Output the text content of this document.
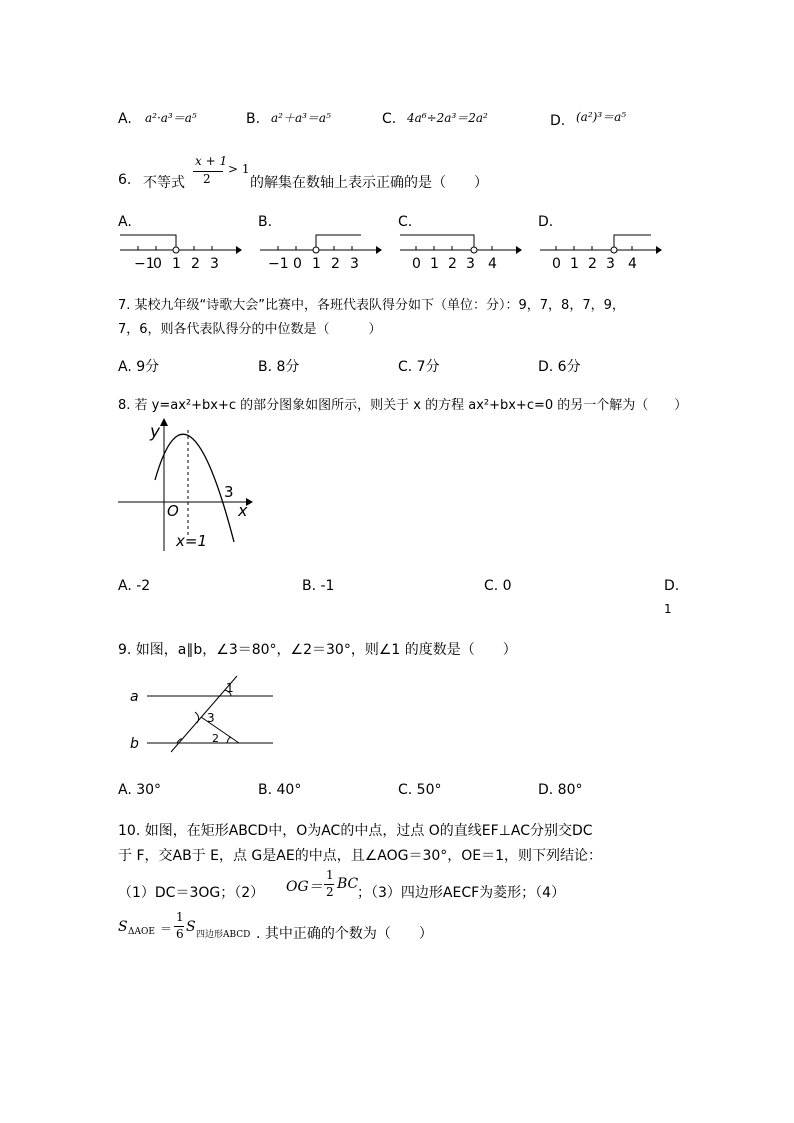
A. a²·a³＝a⁵	B. a²＋a³＝a⁵	C. 4a⁶÷2a³＝2a²	D. (a²)³＝a⁵
6. 不等式
x + 1
2
> 1
的解集在数轴上表示正确的是（　　）
A.
−1
0 1 2 3
B.
−1 0 1 2 3
C.
0 1 2 3 4
D.
0 1 2 3 4
7. 某校九年级“诗歌大会”比赛中，各班代表队得分如下（单位：分）：9，7，8，7，9，
7，6，则各代表队得分的中位数是（　　　）
A. 9分	B. 8分	C. 7分	D. 6分
8. 若 y=ax²+bx+c 的部分图象如图所示，则关于 x 的方程 ax²+bx+c=0 的另一个解为（　　）
y
x
O
3
x=1
A. -2	B. -1	C. 0	D.
1
9. 如图，a∥b，∠3＝80°，∠2＝30°，则∠1 的度数是（　　）
a
b
1
3
2
A. 30°	B. 40°	C. 50°	D. 80°
10. 如图，在矩形ABCD中，O为AC的中点，过点 O的直线EF⊥AC分别交DC
于 F，交AB于 E，点 G是AE的中点，且∠AOG＝30°，OE＝1，则下列结论：
（1）DC＝3OG；（2） OG＝
1
2 BC
；（3）四边形AECF为菱形；（4）
S ΔAOE ＝
1
6 S 四边形ABCD . 其中正确的个数为（　　）
